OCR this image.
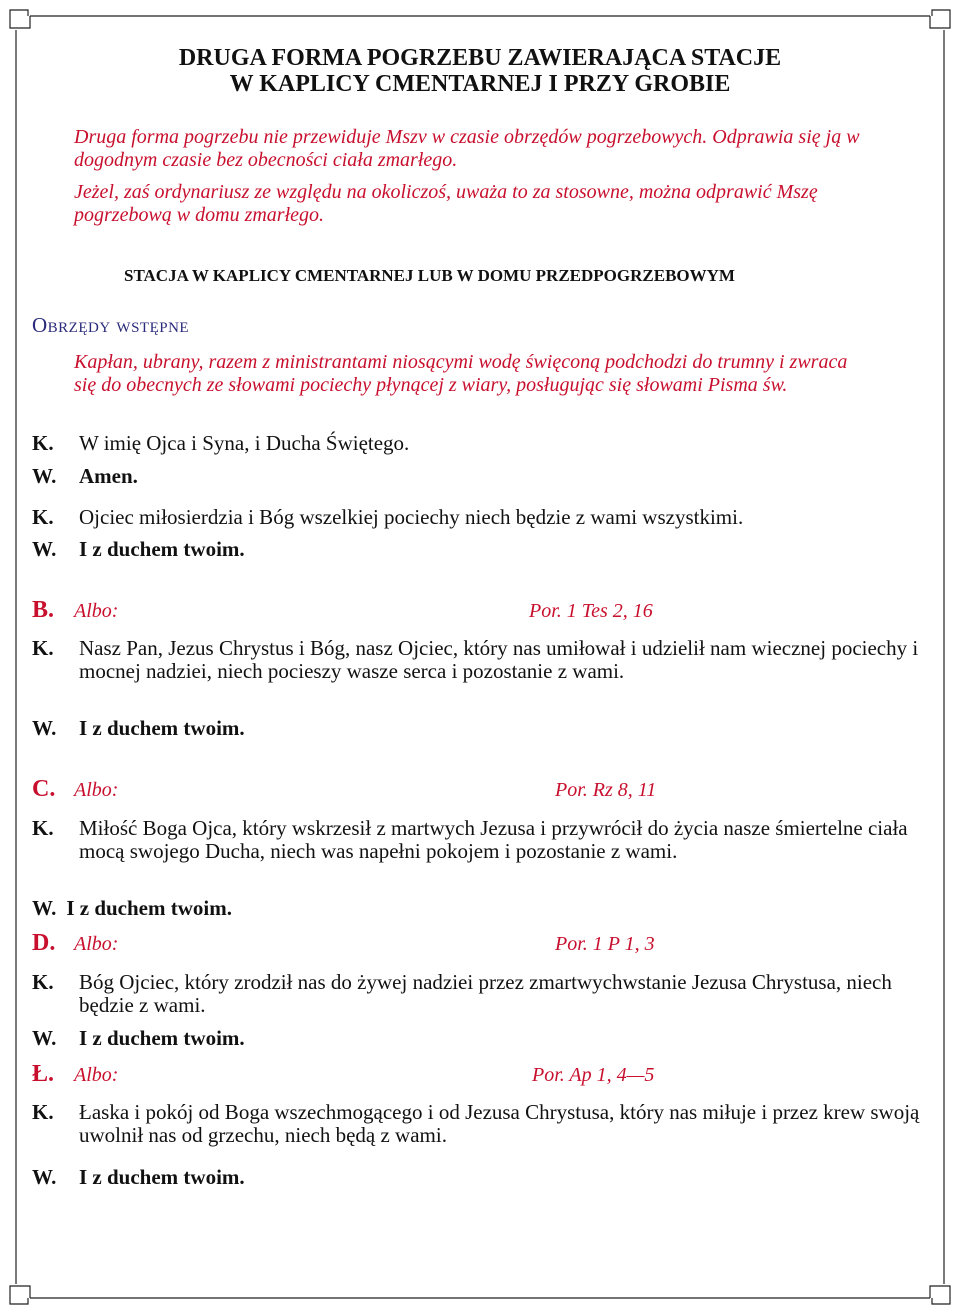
DRUGA FORMA POGRZEBU ZAWIERAJĄCA STACJE
W KAPLICY CMENTARNEJ I PRZY GROBIE
Druga forma pogrzebu nie przewiduje Mszv w czasie obrzędów pogrzebowych. Odprawia się ją w dogodnym czasie bez obecności ciała zmarłego.
Jeżel, zaś ordynariusz ze względu na okoliczoś, uważa to za stosowne, można odprawić Mszę pogrzebową w domu zmarłego.
STACJA W KAPLICY CMENTARNEJ LUB W DOMU PRZEDPOGRZEBOWYM
Obrzędy wstępne
Kapłan, ubrany, razem z ministrantami niosącymi wodę święconą podchodzi do trumny i zwraca się do obecnych ze słowami pociechy płynącej z wiary, posługując się słowami Pisma św.
K. W imię Ojca i Syna, i Ducha Świętego.
W. Amen.
K. Ojciec miłosierdzia i Bóg wszelkiej pociechy niech będzie z wami wszystkimi.
W. I z duchem twoim.
B. Albo:	Por. 1 Tes 2, 16
K. Nasz Pan, Jezus Chrystus i Bóg, nasz Ojciec, który nas umiłował i udzielił nam wiecznej pociechy i mocnej nadziei, niech pocieszy wasze serca i pozostanie z wami.
W. I z duchem twoim.
C. Albo:	Por. Rz 8, 11
K. Miłość Boga Ojca, który wskrzesił z martwych Jezusa i przywrócił do życia nasze śmiertelne ciała mocą swojego Ducha, niech was napełni pokojem i pozostanie z wami.
W. I z duchem twoim.
D. Albo:	Por. 1 P 1, 3
K. Bóg Ojciec, który zrodził nas do żywej nadziei przez zmartwychwstanie Jezusa Chrystusa, niech będzie z wami.
W. I z duchem twoim.
Ł. Albo:	Por. Ap 1, 4—5
K. Łaska i pokój od Boga wszechmogącego i od Jezusa Chrystusa, który nas miłuje i przez krew swoją uwolnił nas od grzechu, niech będą z wami.
W. I z duchem twoim.
